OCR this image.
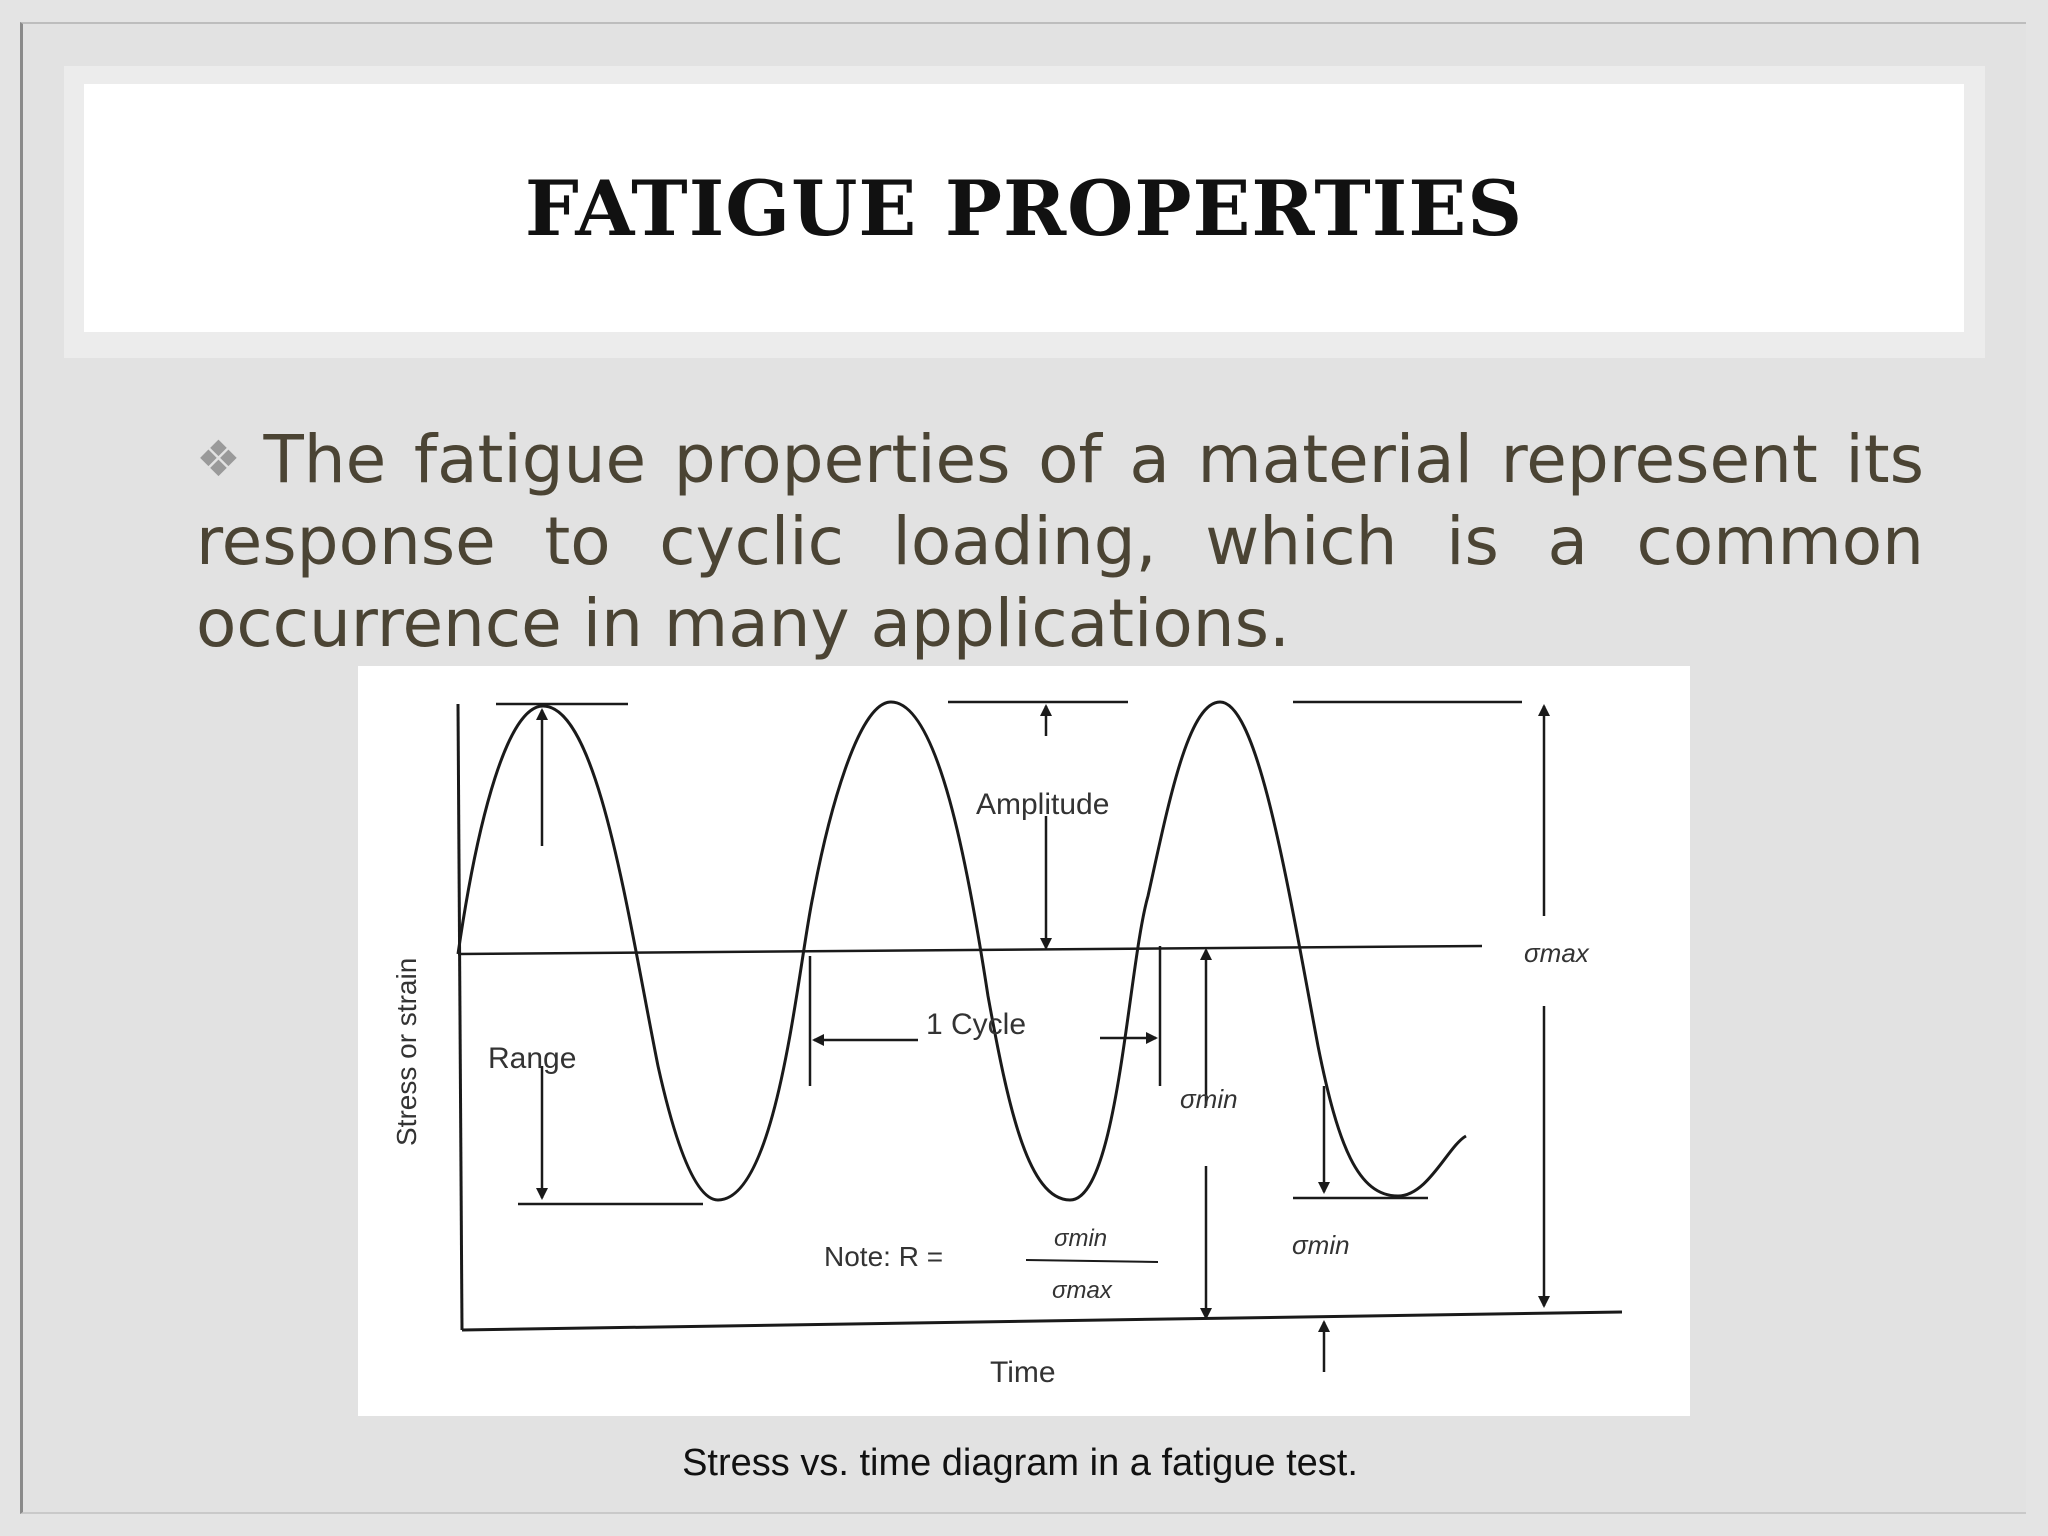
FATIGUE PROPERTIES
❖ The fatigue properties of a material represent its response to cyclic loading, which is a common occurrence in many applications.
Range
Amplitude
1 Cycle
σmax
σmin
σmin
Note: R =
σmin
σmax
Stress or strain
Time
Stress vs. time diagram in a fatigue test.
